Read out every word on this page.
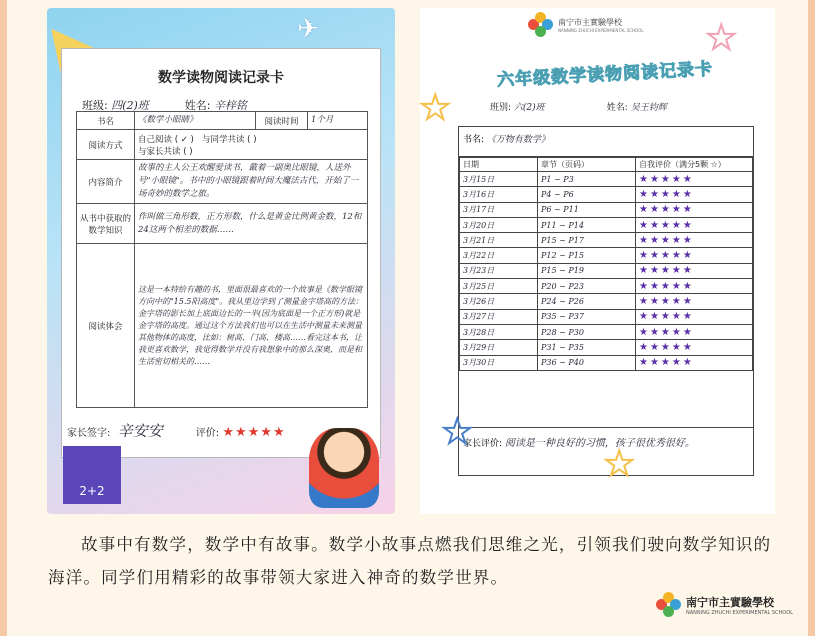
✈
数学读物阅读记录卡
班级: 四(2)班	姓名: 辛梓铭
书名	《数学小眼睛》	阅读时间	1个月
阅读方式	自己阅读 ( ✓ ) 与同学共读 ( )
与家长共读 ( )		
内容简介	故事的主人公王欢醒爱读书，戴着一副奥比眼镜，人送外号"小眼镜"。书中的小眼镜跟着时间大魔法古代，开始了一场奇妙的数学之旅。		
从书中获取的数学知识	作叫做三角形数，正方形数，什么是黄金比例黄金数，12和24这两个相差的数据……		
阅读体会	这是一本特给有趣的书，里面很最喜欢的一个故事是《数学眼镜方向中的"15.5阳高度"。我从里边学到了测量金字塔高的方法：金字塔的影长加上底面边长的一半(因为底面是一个正方形)就是金字塔的高度。通过这个方法我们也可以在生活中测量未来测量其他物体的高度，比如：树高、门高、楼高……看完这本书，让我更喜欢数学，我觉得数学并没有我想象中的那么深奥，而是和生活密切相关的……		
家长签字: 辛安安	评价: ★★★★★
2+2
南宁市主實驗學校
NANNING ZHUCHI EXPERIMENTAL SCHOOL ★
★
六年级数学读物阅读记录卡
班别: 六(2)班	姓名: 吴王钧辉
书名: 《万物有数学》
日期	章节（页码）	自我评价（满分5颗 ☆）
3月15日	P1 ~ P3	★★★★★
3月16日	P4 ~ P6	★★★★★
3月17日	P6 ~ P11	★★★★★
3月20日	P11 ~ P14	★★★★★
3月21日	P15 ~ P17	★★★★★
3月22日	P12 ~ P15	★★★★★
3月23日	P15 ~ P19	★★★★★
3月25日	P20 ~ P23	★★★★★
3月26日	P24 ~ P26	★★★★★
3月27日	P35 ~ P37	★★★★★
3月28日	P28 ~ P30	★★★★★
3月29日	P31 ~ P35	★★★★★
3月30日	P36 ~ P40	★★★★★
家长评价: 阅读是一种良好的习惯，孩子很优秀很好。
★
★
故事中有数学，数学中有故事。数学小故事点燃我们思维之光，引领我们驶向数学知识的海洋。同学们用精彩的故事带领大家进入神奇的数学世界。
南宁市主實驗學校
NANNING ZHUCHI EXPERIMENTAL SCHOOL
